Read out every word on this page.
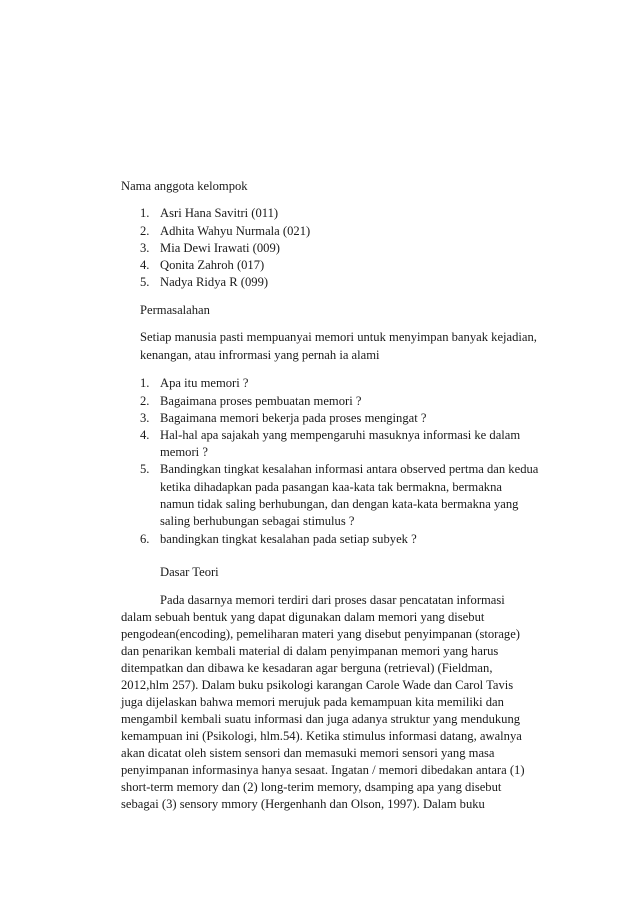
Nama anggota kelompok
1. Asri Hana Savitri (011)
2. Adhita Wahyu Nurmala (021)
3. Mia Dewi Irawati (009)
4. Qonita Zahroh (017)
5. Nadya Ridya R (099)
Permasalahan
Setiap manusia pasti mempuanyai memori untuk menyimpan banyak kejadian,
kenangan, atau infrormasi yang pernah ia alami
1. Apa itu memori ?
2. Bagaimana proses pembuatan memori ?
3. Bagaimana memori bekerja pada proses mengingat ?
4. Hal-hal apa sajakah yang mempengaruhi masuknya informasi ke dalam
memori ?
5. Bandingkan tingkat kesalahan informasi antara observed pertma dan kedua
ketika dihadapkan pada pasangan kaa-kata tak bermakna, bermakna
namun tidak saling berhubungan, dan dengan kata-kata bermakna yang
saling berhubungan sebagai stimulus ?
6. bandingkan tingkat kesalahan pada setiap subyek ?
Dasar Teori
Pada dasarnya memori terdiri dari proses dasar pencatatan informasi
dalam sebuah bentuk yang dapat digunakan dalam memori yang disebut
pengodean(encoding), pemeliharan materi yang disebut penyimpanan (storage)
dan penarikan kembali material di dalam penyimpanan memori yang harus
ditempatkan dan dibawa ke kesadaran agar berguna (retrieval) (Fieldman,
2012,hlm 257). Dalam buku psikologi karangan Carole Wade dan Carol Tavis
juga dijelaskan bahwa memori merujuk pada kemampuan kita memiliki dan
mengambil kembali suatu informasi dan juga adanya struktur yang mendukung
kemampuan ini (Psikologi, hlm.54). Ketika stimulus informasi datang, awalnya
akan dicatat oleh sistem sensori dan memasuki memori sensori yang masa
penyimpanan informasinya hanya sesaat. Ingatan / memori dibedakan antara (1)
short-term memory dan (2) long-terim memory, dsamping apa yang disebut
sebagai (3) sensory mmory (Hergenhanh dan Olson, 1997). Dalam buku
